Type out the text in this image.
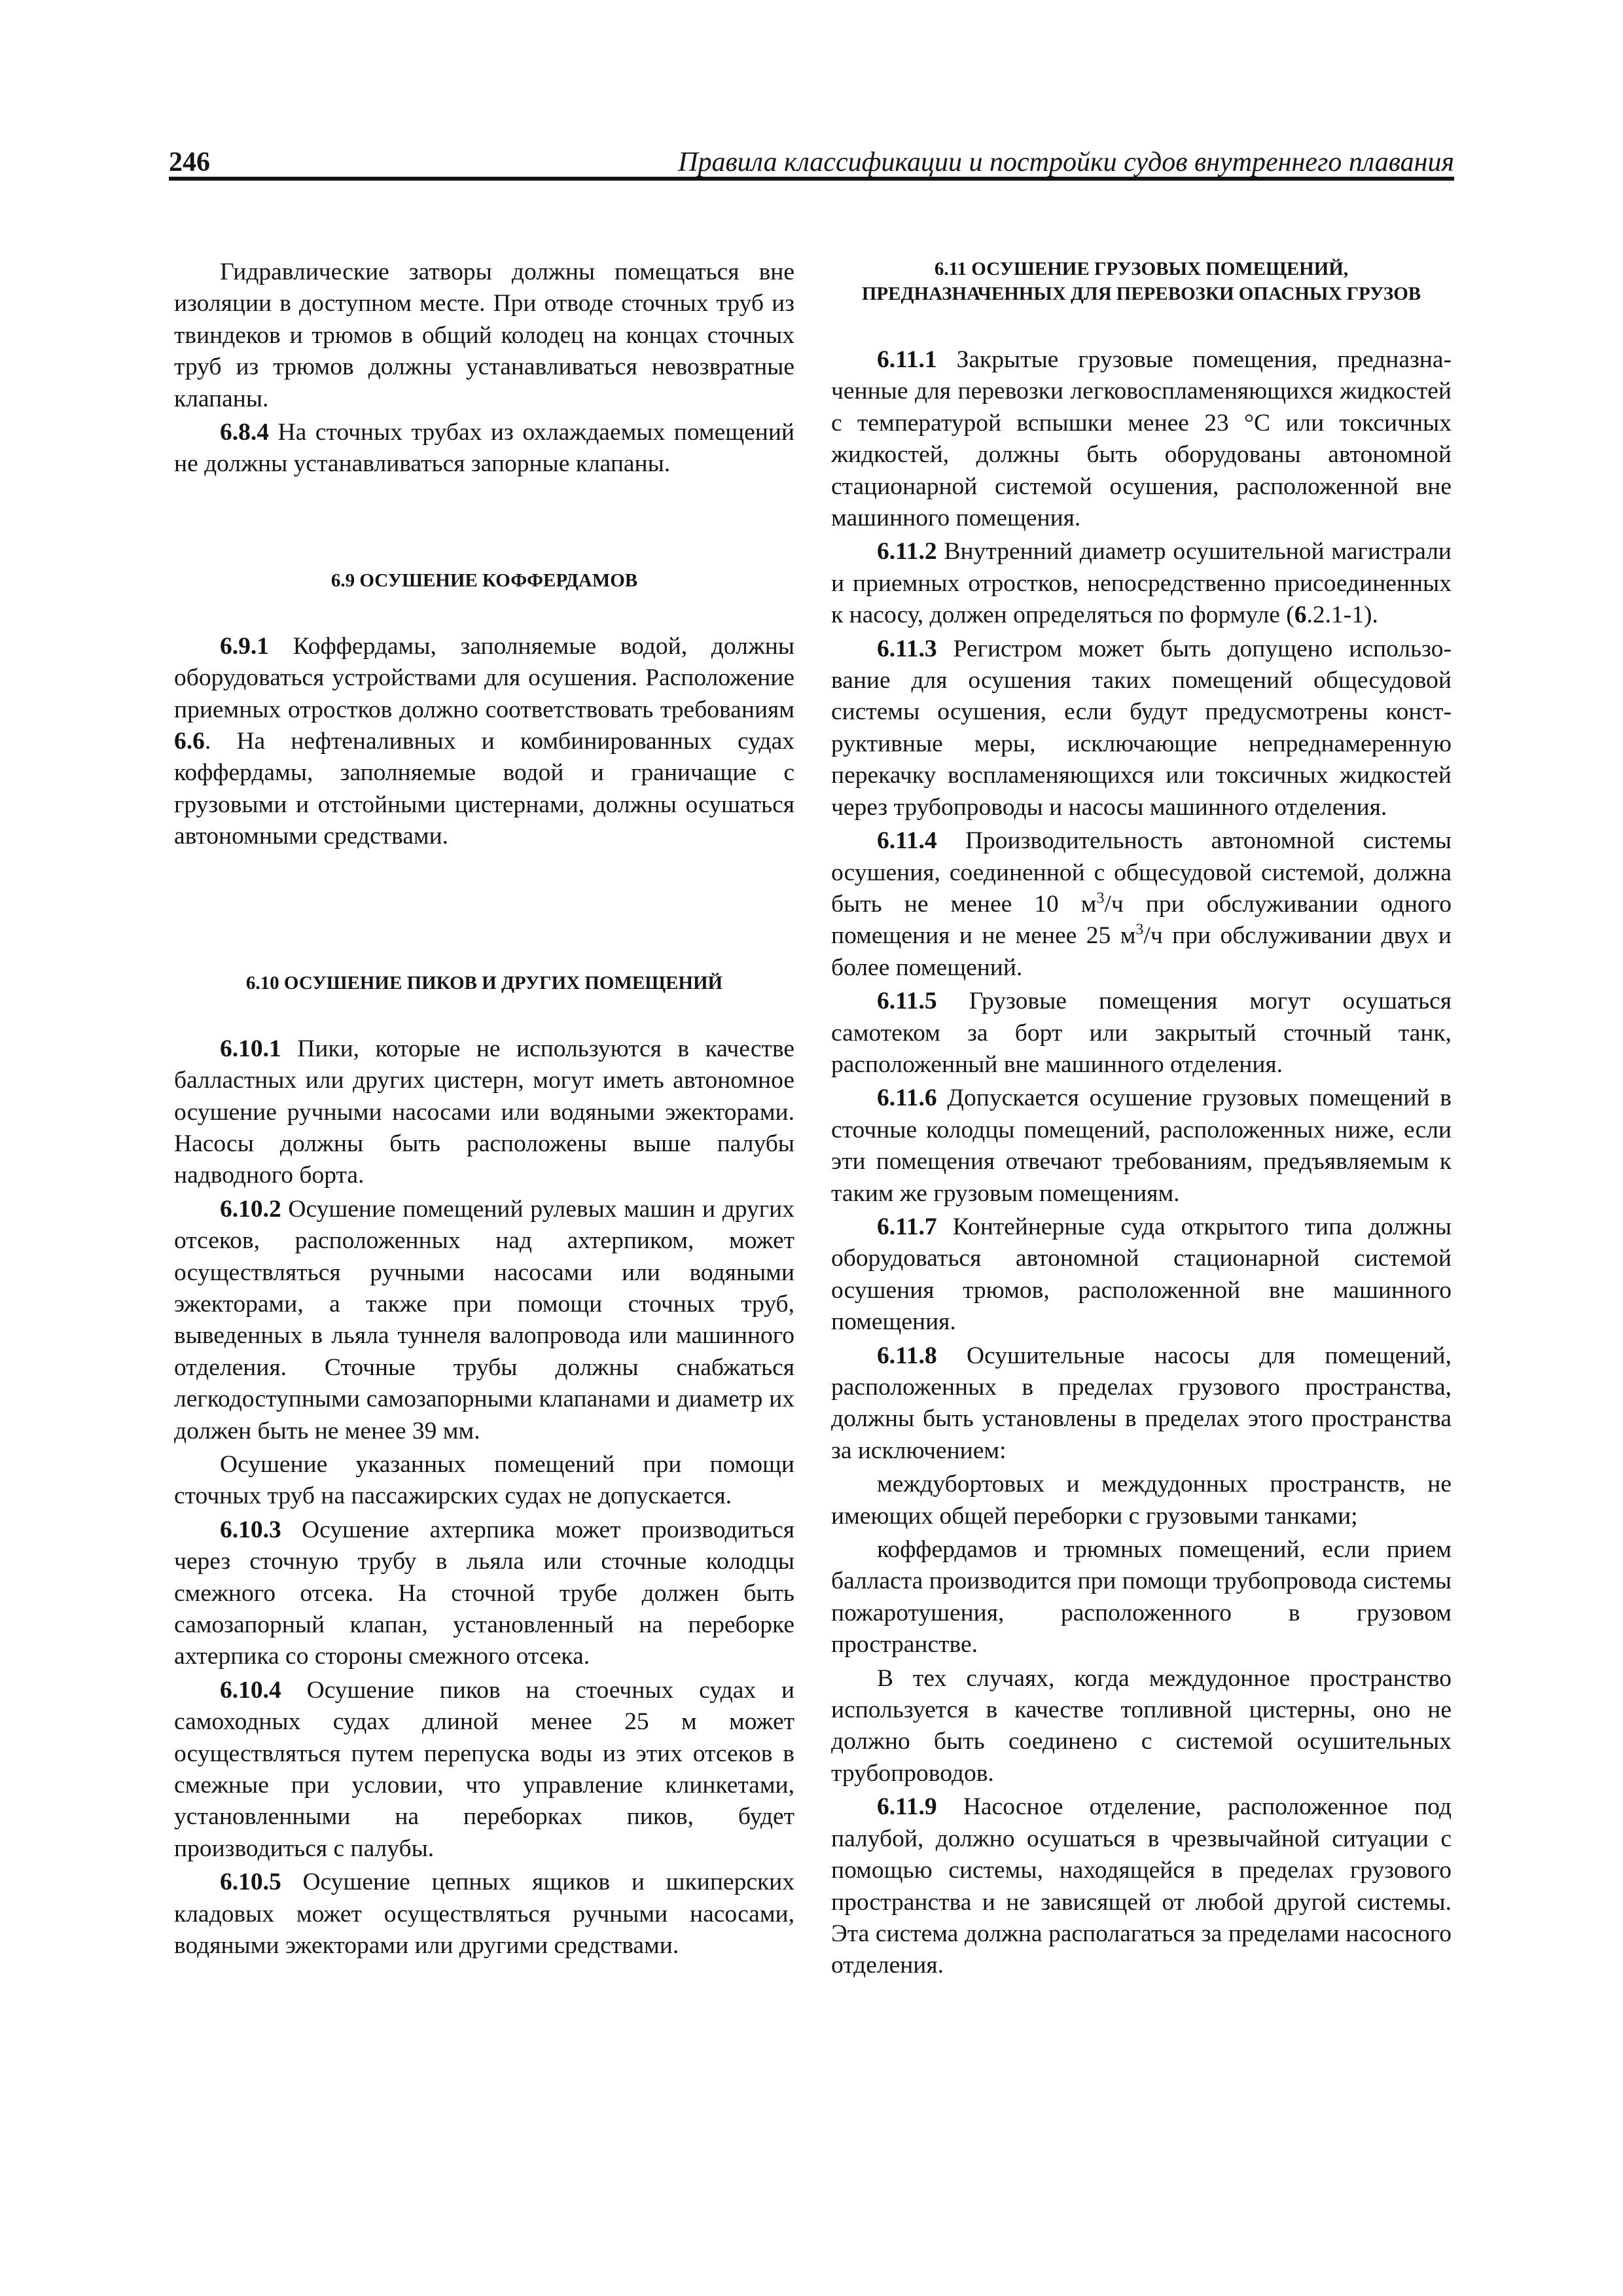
246	Правила классификации и постройки судов внутреннего плавания

Гидравлические затворы должны помещаться вне изоляции в доступном месте. При отводе сточных труб из твиндеков и трюмов в общий колодец на концах сточных труб из трюмов должны устанавливаться невозвратные клапаны.

6.8.4 На сточных трубах из охлаждаемых помещений не должны устанавливаться запорные клапаны.

6.9 ОСУШЕНИЕ КОФФЕРДАМОВ

6.9.1 Коффердамы, заполняемые водой, должны оборудоваться устройствами для осушения. Расположение приемных отростков должно соответствовать требованиям 6.6. На нефтеналивных и комбинированных судах коффердамы, заполняемые водой и граничащие с грузовыми и отстойными цистернами, должны осушаться автономными средствами.

6.10 ОСУШЕНИЕ ПИКОВ И ДРУГИХ ПОМЕЩЕНИЙ

6.10.1 Пики, которые не используются в качестве балластных или других цистерн, могут иметь автономное осушение ручными насосами или водяными эжекторами. Насосы должны быть расположены выше палубы надводного борта.

6.10.2 Осушение помещений рулевых машин и других отсеков, расположенных над ахтерпиком, может осуществляться ручными насосами или водяными эжекторами, а также при помощи сточных труб, выведенных в льяла туннеля валопровода или машинного отделения. Сточные трубы должны снабжаться легкодоступными самозапорными клапанами и диаметр их должен быть не менее 39 мм.

Осушение указанных помещений при помощи сточных труб на пассажирских судах не допускается.

6.10.3 Осушение ахтерпика может производиться через сточную трубу в льяла или сточные колодцы смежного отсека. На сточной трубе должен быть самозапорный клапан, установленный на переборке ахтерпика со стороны смежного отсека.

6.10.4 Осушение пиков на стоечных судах и самоходных судах длиной менее 25 м может осуществляться путем перепуска воды из этих отсеков в смежные при условии, что управление клинкетами, установленными на переборках пиков, будет производиться с палубы.

6.10.5 Осушение цепных ящиков и шкиперских кладовых может осуществляться ручными насосами, водяными эжекторами или другими средствами.

6.11 ОСУШЕНИЕ ГРУЗОВЫХ ПОМЕЩЕНИЙ, ПРЕДНАЗНАЧЕННЫХ ДЛЯ ПЕРЕВОЗКИ ОПАСНЫХ ГРУЗОВ

6.11.1 Закрытые грузовые помещения, предназначенные для перевозки легковоспламеняющихся жидкостей с температурой вспышки менее 23 °С или токсичных жидкостей, должны быть оборудованы автономной стационарной системой осушения, расположенной вне машинного помещения.

6.11.2 Внутренний диаметр осушительной магистрали и приемных отростков, непосредственно присоединенных к насосу, должен определяться по формуле (6.2.1-1).

6.11.3 Регистром может быть допущено использование для осушения таких помещений общесудовой системы осушения, если будут предусмотрены конструктивные меры, исключающие непреднамеренную перекачку воспламеняющихся или токсичных жидкостей через трубопроводы и насосы машинного отделения.

6.11.4 Производительность автономной системы осушения, соединенной с общесудовой системой, должна быть не менее 10 $м^3/ч$ при обслуживании одного помещения и не менее 25 $м^3/ч$ при обслуживании двух и более помещений.

6.11.5 Грузовые помещения могут осушаться самотеком за борт или закрытый сточный танк, расположенный вне машинного отделения.

6.11.6 Допускается осушение грузовых помещений в сточные колодцы помещений, расположенных ниже, если эти помещения отвечают требованиям, предъявляемым к таким же грузовым помещениям.

6.11.7 Контейнерные суда открытого типа должны оборудоваться автономной стационарной системой осушения трюмов, расположенной вне машинного помещения.

6.11.8 Осушительные насосы для помещений, расположенных в пределах грузового пространства, должны быть установлены в пределах этого пространства за исключением:

междубортовых и междудонных пространств, не имеющих общей переборки с грузовыми танками;

коффердамов и трюмных помещений, если прием балласта производится при помощи трубопровода системы пожаротушения, расположенного в грузовом пространстве.

В тех случаях, когда междудонное пространство используется в качестве топливной цистерны, оно не должно быть соединено с системой осушительных трубопроводов.

6.11.9 Насосное отделение, расположенное под палубой, должно осушаться в чрезвычайной ситуации с помощью системы, находящейся в пределах грузового пространства и не зависящей от любой другой системы. Эта система должна располагаться за пределами насосного отделения.
